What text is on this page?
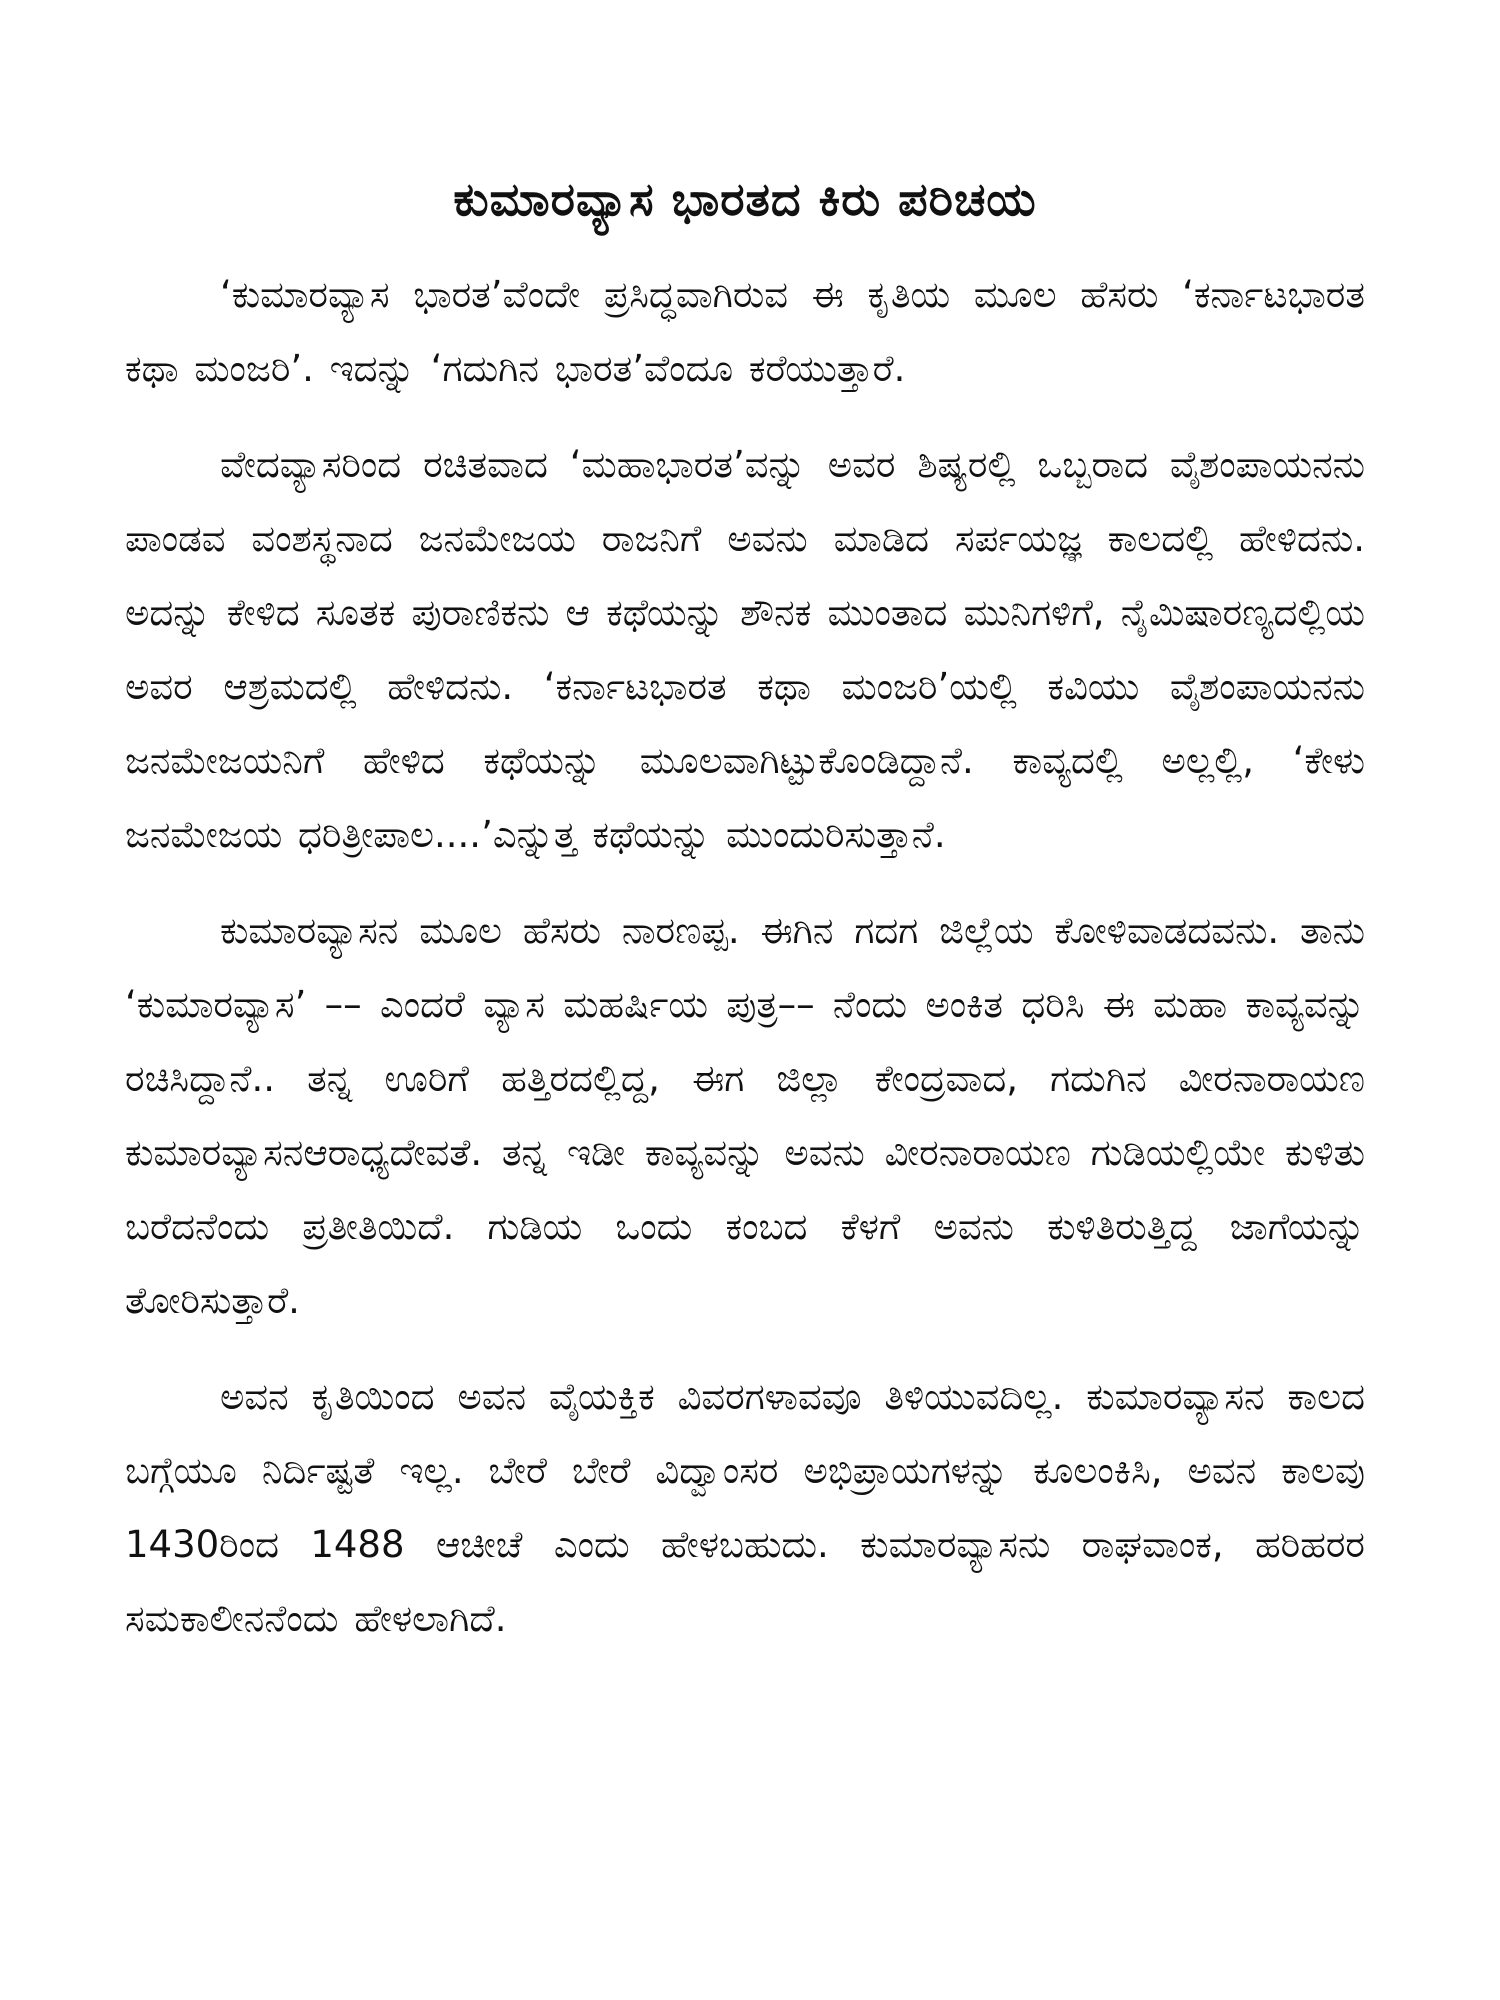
ಕುಮಾರವ್ಯಾಸ ಭಾರತದ ಕಿರು ಪರಿಚಯ

‘ಕುಮಾರವ್ಯಾಸ ಭಾರತ’ವೆಂದೇ ಪ್ರಸಿದ್ಧವಾಗಿರುವ ಈ ಕೃತಿಯ ಮೂಲ ಹೆಸರು ‘ಕರ್ನಾಟಭಾರತ ಕಥಾ ಮಂಜರಿ’. ಇದನ್ನು ‘ಗದುಗಿನ ಭಾರತ’ವೆಂದೂ ಕರೆಯುತ್ತಾರೆ.

ವೇದವ್ಯಾಸರಿಂದ ರಚಿತವಾದ ‘ಮಹಾಭಾರತ’ವನ್ನು ಅವರ ಶಿಷ್ಯರಲ್ಲಿ ಒಬ್ಬರಾದ ವೈಶಂಪಾಯನನು ಪಾಂಡವ ವಂಶಸ್ಥನಾದ ಜನಮೇಜಯ ರಾಜನಿಗೆ ಅವನು ಮಾಡಿದ ಸರ್ಪಯಜ್ಞ ಕಾಲದಲ್ಲಿ ಹೇಳಿದನು. ಅದನ್ನು ಕೇಳಿದ ಸೂತಕ ಪುರಾಣಿಕನು ಆ ಕಥೆಯನ್ನು ಶೌನಕ ಮುಂತಾದ ಮುನಿಗಳಿಗೆ, ನೈಮಿಷಾರಣ್ಯದಲ್ಲಿಯ ಅವರ ಆಶ್ರಮದಲ್ಲಿ ಹೇಳಿದನು. ‘ಕರ್ನಾಟಭಾರತ ಕಥಾ ಮಂಜರಿ’ಯಲ್ಲಿ ಕವಿಯು ವೈಶಂಪಾಯನನು ಜನಮೇಜಯನಿಗೆ ಹೇಳಿದ ಕಥೆಯನ್ನು ಮೂಲವಾಗಿಟ್ಟುಕೊಂಡಿದ್ದಾನೆ. ಕಾವ್ಯದಲ್ಲಿ ಅಲ್ಲಲ್ಲಿ, ‘ಕೇಳು ಜನಮೇಜಯ ಧರಿತ್ರೀಪಾಲ....’ಎನ್ನುತ್ತ ಕಥೆಯನ್ನು ಮುಂದುರಿಸುತ್ತಾನೆ.

ಕುಮಾರವ್ಯಾಸನ ಮೂಲ ಹೆಸರು ನಾರಣಪ್ಪ. ಈಗಿನ ಗದಗ ಜಿಲ್ಲೆಯ ಕೋಳಿವಾಡದವನು. ತಾನು ‘ಕುಮಾರವ್ಯಾಸ’ –– ಎಂದರೆ ವ್ಯಾಸ ಮಹರ್ಷಿಯ ಪುತ್ರ–– ನೆಂದು ಅಂಕಿತ ಧರಿಸಿ ಈ ಮಹಾ ಕಾವ್ಯವನ್ನು ರಚಿಸಿದ್ದಾನೆ.. ತನ್ನ ಊರಿಗೆ ಹತ್ತಿರದಲ್ಲಿದ್ದ, ಈಗ ಜಿಲ್ಲಾ ಕೇಂದ್ರವಾದ, ಗದುಗಿನ ವೀರನಾರಾಯಣ ಕುಮಾರವ್ಯಾಸನಆರಾಧ್ಯದೇವತೆ. ತನ್ನ ಇಡೀ ಕಾವ್ಯವನ್ನು ಅವನು ವೀರನಾರಾಯಣ ಗುಡಿಯಲ್ಲಿಯೇ ಕುಳಿತು ಬರೆದನೆಂದು ಪ್ರತೀತಿಯಿದೆ. ಗುಡಿಯ ಒಂದು ಕಂಬದ ಕೆಳಗೆ ಅವನು ಕುಳಿತಿರುತ್ತಿದ್ದ ಜಾಗೆಯನ್ನು ತೋರಿಸುತ್ತಾರೆ.

ಅವನ ಕೃತಿಯಿಂದ ಅವನ ವೈಯಕ್ತಿಕ ವಿವರಗಳಾವವೂ ತಿಳಿಯುವದಿಲ್ಲ. ಕುಮಾರವ್ಯಾಸನ ಕಾಲದ ಬಗ್ಗೆಯೂ ನಿರ್ದಿಷ್ಟತೆ ಇಲ್ಲ. ಬೇರೆ ಬೇರೆ ವಿದ್ವಾಂಸರ ಅಭಿಪ್ರಾಯಗಳನ್ನು ಕೂಲಂಕಿಸಿ, ಅವನ ಕಾಲವು 1430ರಿಂದ 1488 ಆಚೀಚೆ ಎಂದು ಹೇಳಬಹುದು. ಕುಮಾರವ್ಯಾಸನು ರಾಘವಾಂಕ, ಹರಿಹರರ ಸಮಕಾಲೀನನೆಂದು ಹೇಳಲಾಗಿದೆ.
